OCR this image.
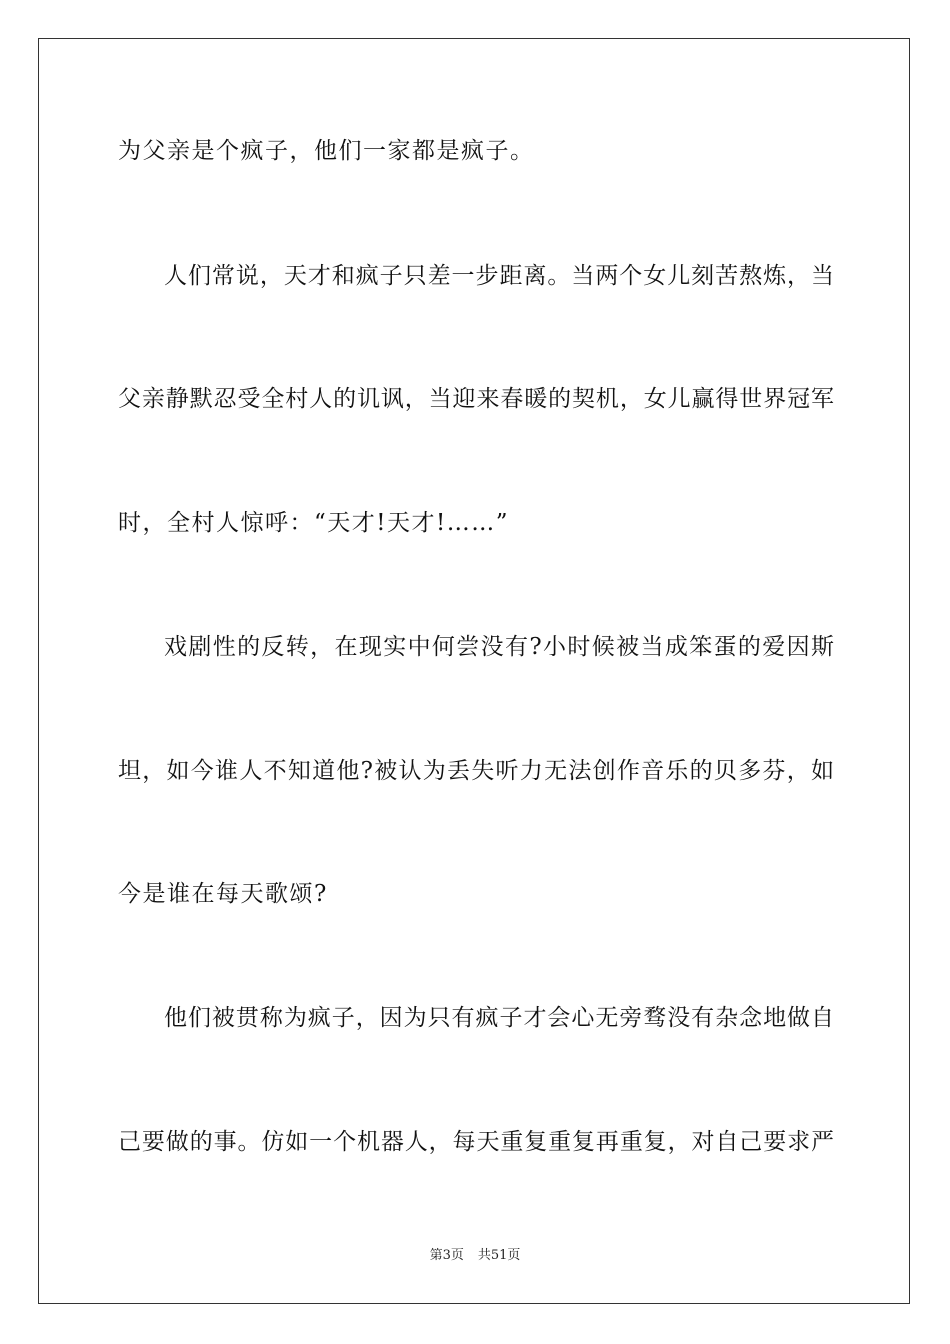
为父亲是个疯子，他们一家都是疯子。
人们常说，天才和疯子只差一步距离。当两个女儿刻苦熬炼，当
父亲静默忍受全村人的讥讽，当迎来春暖的契机，女儿赢得世界冠军
时，全村人惊呼：“天才!天才!……”
戏剧性的反转，在现实中何尝没有?小时候被当成笨蛋的爱因斯
坦，如今谁人不知道他?被认为丢失听力无法创作音乐的贝多芬，如
今是谁在每天歌颂?
他们被贯称为疯子，因为只有疯子才会心无旁骛没有杂念地做自
己要做的事。仿如一个机器人，每天重复重复再重复，对自己要求严
第3页 共51页
